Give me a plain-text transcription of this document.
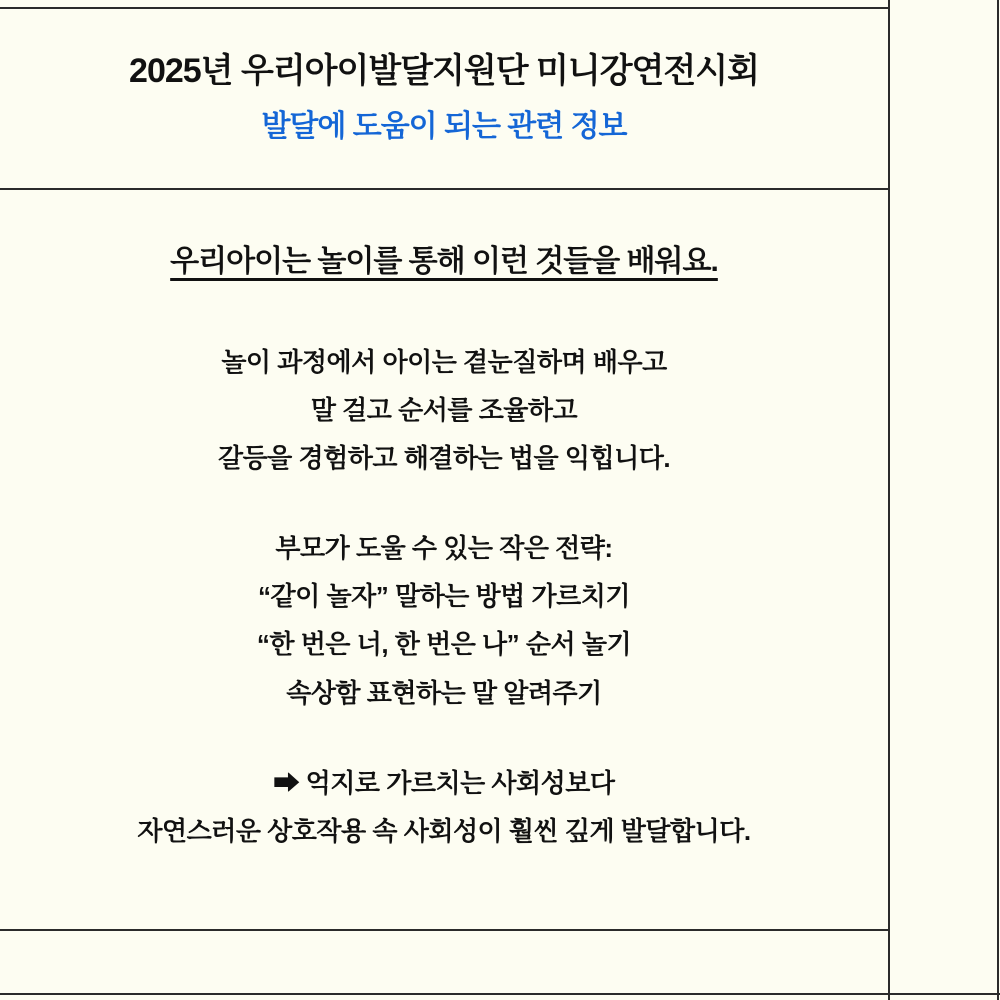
2025년 우리아이발달지원단 미니강연전시회
발달에 도움이 되는 관련 정보
우리아이는 놀이를 통해 이런 것들을 배워요.
놀이 과정에서 아이는 곁눈질하며 배우고
말 걸고 순서를 조율하고
갈등을 경험하고 해결하는 법을 익힙니다.
부모가 도울 수 있는 작은 전략:
“같이 놀자” 말하는 방법 가르치기
“한 번은 너, 한 번은 나” 순서 놀기
속상함 표현하는 말 알려주기
➡ 억지로 가르치는 사회성보다
자연스러운 상호작용 속 사회성이 훨씬 깊게 발달합니다.
